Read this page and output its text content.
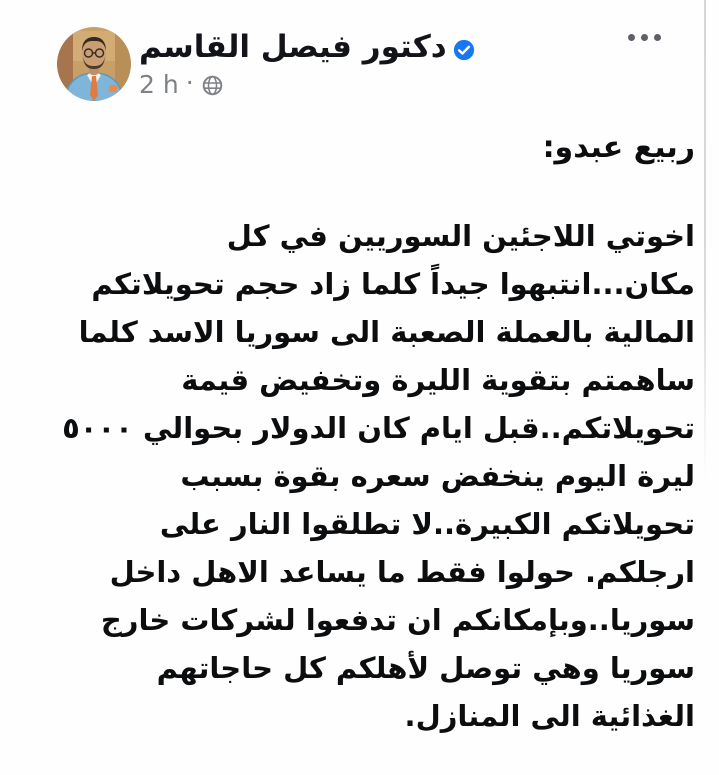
دكتور فيصل القاسم
2 h ·
ربيع عبدو:
اخوتي اللاجئين السوريين في كل
مكان...انتبهوا جيداً كلما زاد حجم تحويلاتكم
المالية بالعملة الصعبة الى سوريا الاسد كلما
ساهمتم بتقوية الليرة وتخفيض قيمة
تحويلاتكم..قبل ايام كان الدولار بحوالي ٥٠٠٠
ليرة اليوم ينخفض سعره بقوة بسبب
تحويلاتكم الكبيرة..لا تطلقوا النار على
ارجلكم. حولوا فقط ما يساعد الاهل داخل
سوريا..وبإمكانكم ان تدفعوا لشركات خارج
سوريا وهي توصل لأهلكم كل حاجاتهم
الغذائية الى المنازل.
